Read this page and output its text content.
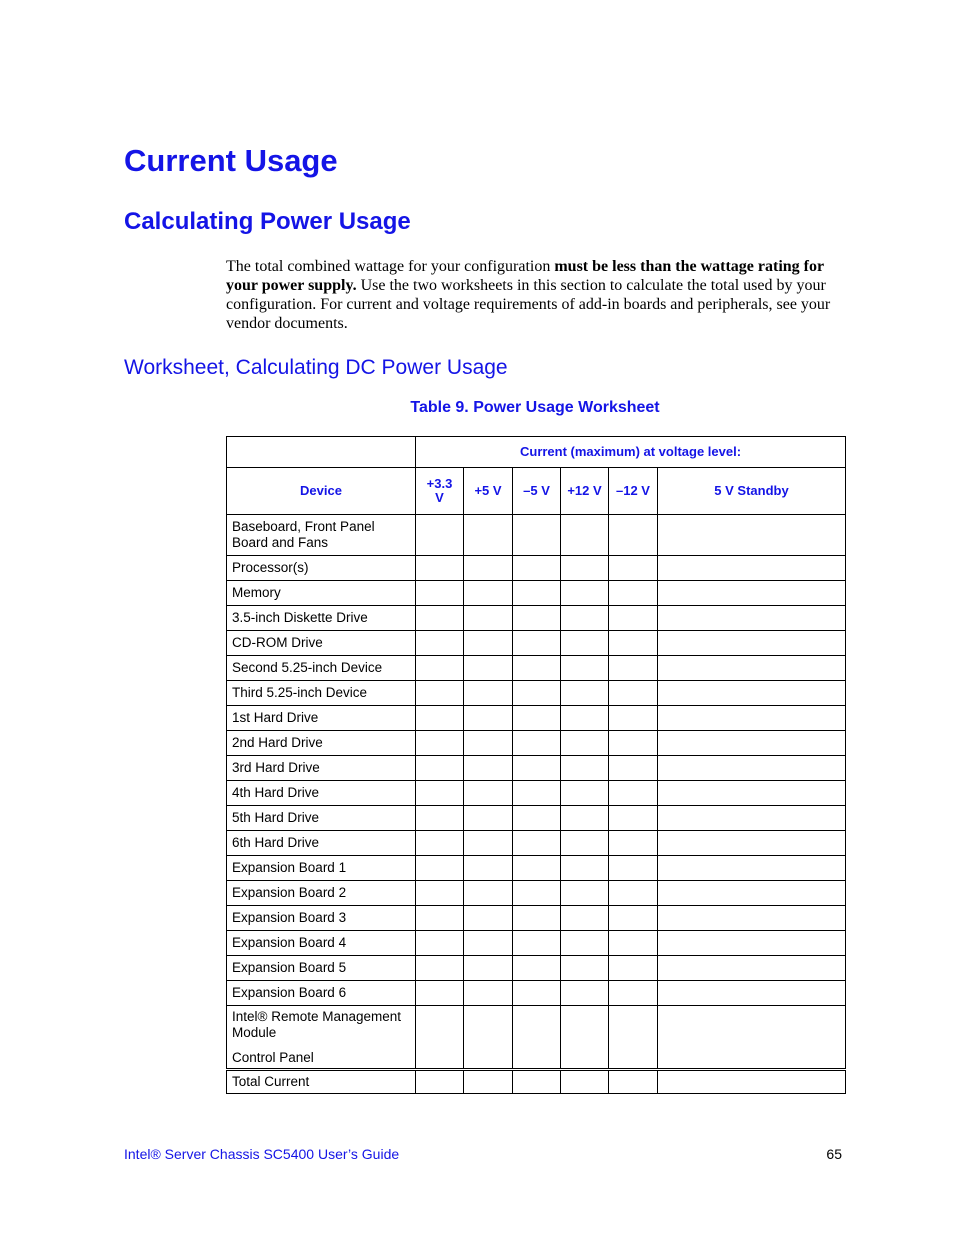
Current Usage
Calculating Power Usage

The total combined wattage for your configuration must be less than the wattage rating for your power supply. Use the two worksheets in this section to calculate the total used by your configuration. For current and voltage requirements of add-in boards and peripherals, see your vendor documents.

Worksheet, Calculating DC Power Usage

Table 9. Power Usage Worksheet

	Current (maximum) at voltage level:					
Device	+3.3 V	+5 V	–5 V	+12 V	–12 V	5 V Standby
Baseboard, Front Panel Board and Fans						
Processor(s)						
Memory						
3.5-inch Diskette Drive						
CD-ROM Drive						
Second 5.25-inch Device						
Third 5.25-inch Device						
1st Hard Drive						
2nd Hard Drive						
3rd Hard Drive						
4th Hard Drive						
5th Hard Drive						
6th Hard Drive						
Expansion Board 1						
Expansion Board 2						
Expansion Board 3						
Expansion Board 4						
Expansion Board 5						
Expansion Board 6						

Intel® Remote Management Module
Control Panel						

Total Current						

Intel® Server Chassis SC5400 User’s Guide	65
